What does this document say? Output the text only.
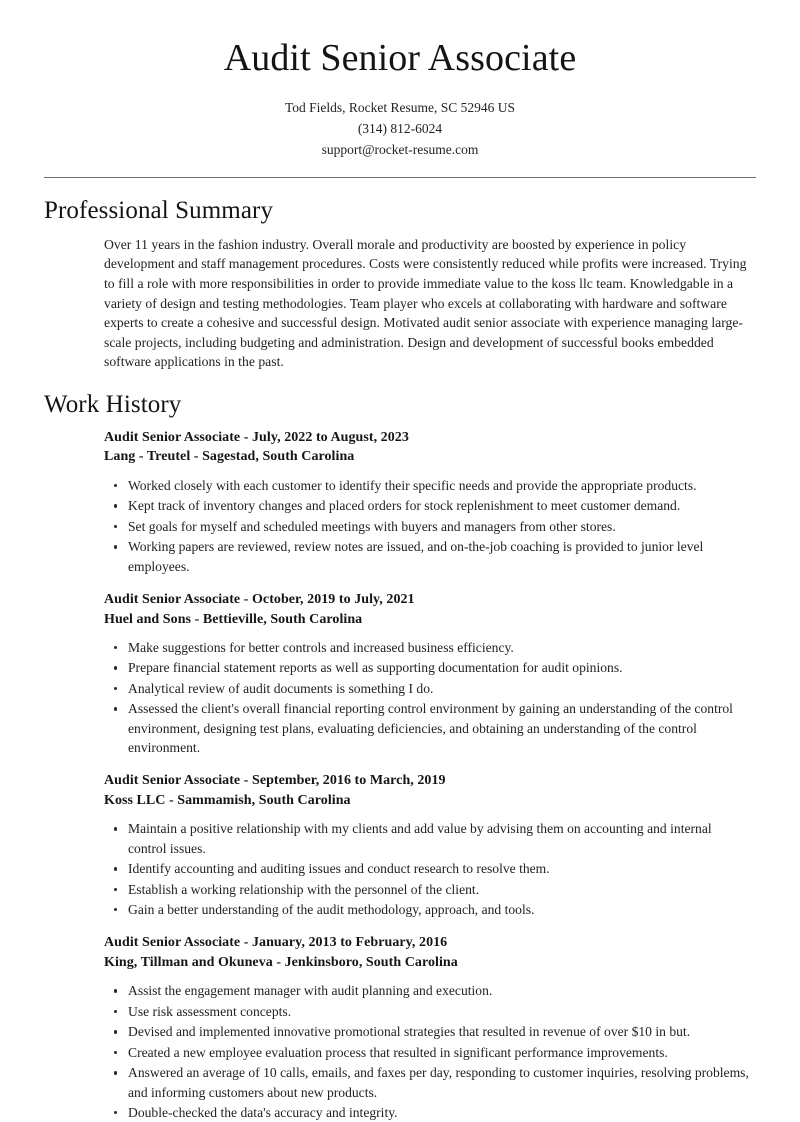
Audit Senior Associate
Tod Fields, Rocket Resume, SC 52946 US
(314) 812-6024
support@rocket-resume.com
Professional Summary

Over 11 years in the fashion industry. Overall morale and productivity are boosted by experience in policy development and staff management procedures. Costs were consistently reduced while profits were increased. Trying to fill a role with more responsibilities in order to provide immediate value to the koss llc team. Knowledgable in a variety of design and testing methodologies. Team player who excels at collaborating with hardware and software experts to create a cohesive and successful design. Motivated audit senior associate with experience managing large-scale projects, including budgeting and administration. Design and development of successful books embedded software applications in the past.

Work History
Audit Senior Associate - July, 2022 to August, 2023
Lang - Treutel - Sagestad, South Carolina
Worked closely with each customer to identify their specific needs and provide the appropriate products.
Kept track of inventory changes and placed orders for stock replenishment to meet customer demand.
Set goals for myself and scheduled meetings with buyers and managers from other stores.
Working papers are reviewed, review notes are issued, and on-the-job coaching is provided to junior level employees.
Audit Senior Associate - October, 2019 to July, 2021
Huel and Sons - Bettieville, South Carolina
Make suggestions for better controls and increased business efficiency.
Prepare financial statement reports as well as supporting documentation for audit opinions.
Analytical review of audit documents is something I do.
Assessed the client's overall financial reporting control environment by gaining an understanding of the control environment, designing test plans, evaluating deficiencies, and obtaining an understanding of the control environment.
Audit Senior Associate - September, 2016 to March, 2019
Koss LLC - Sammamish, South Carolina
Maintain a positive relationship with my clients and add value by advising them on accounting and internal control issues.
Identify accounting and auditing issues and conduct research to resolve them.
Establish a working relationship with the personnel of the client.
Gain a better understanding of the audit methodology, approach, and tools.
Audit Senior Associate - January, 2013 to February, 2016
King, Tillman and Okuneva - Jenkinsboro, South Carolina
Assist the engagement manager with audit planning and execution.
Use risk assessment concepts.
Devised and implemented innovative promotional strategies that resulted in revenue of over $10 in but.
Created a new employee evaluation process that resulted in significant performance improvements.
Answered an average of 10 calls, emails, and faxes per day, responding to customer inquiries, resolving problems, and informing customers about new products.
Double-checked the data's accuracy and integrity.
